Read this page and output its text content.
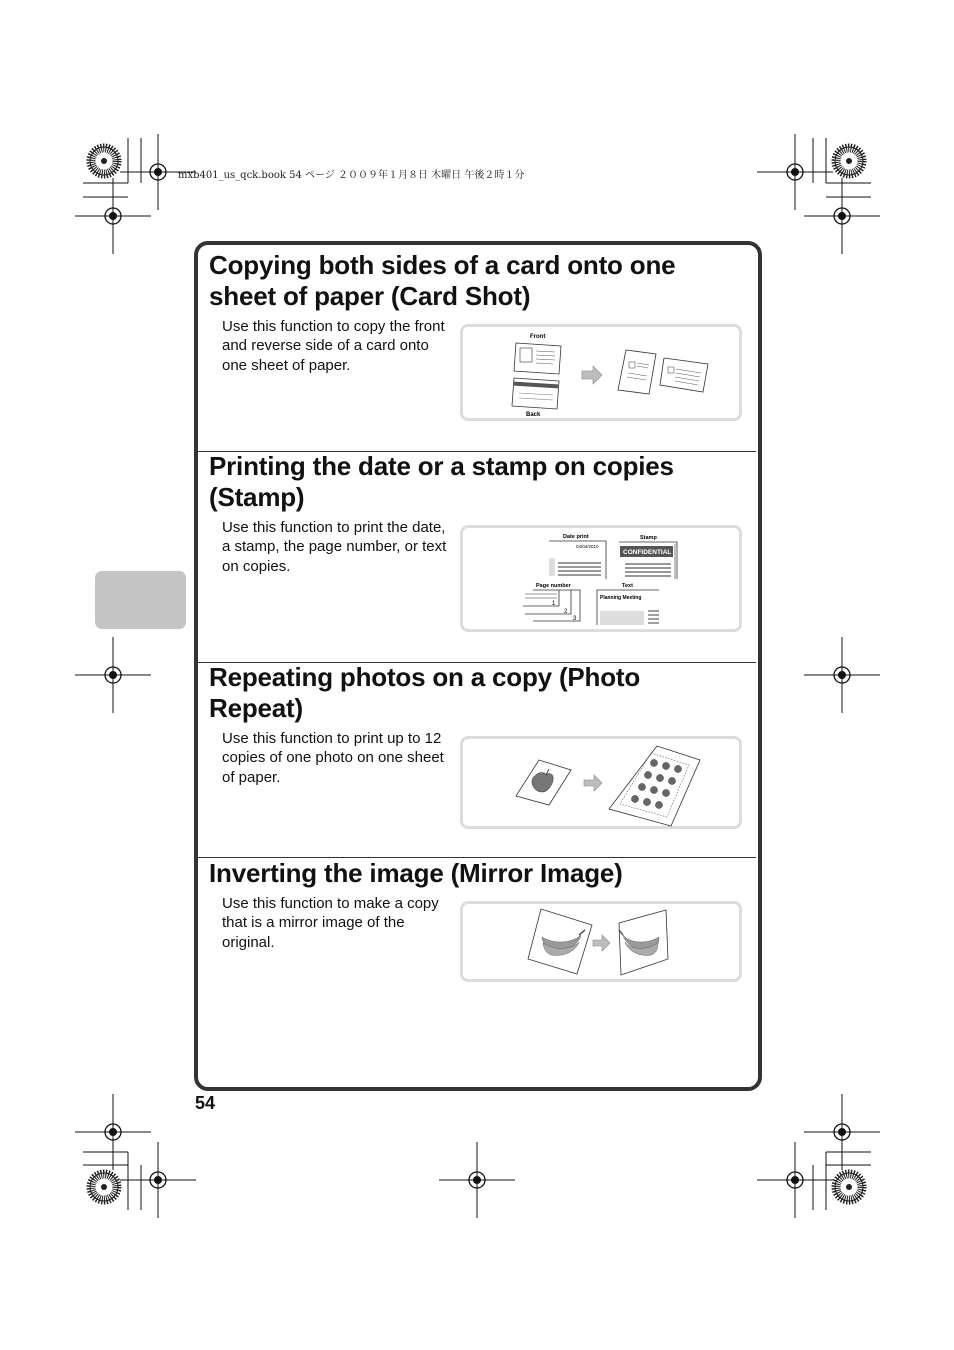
mxb401_us_qck.book 54 ページ ２００９年１月８日 木曜日 午後２時１分
Copying both sides of a card onto one sheet of paper (Card Shot)
Use this function to copy the front and reverse side of a card onto one sheet of paper.
Front
Back
Printing the date or a stamp on copies (Stamp)
Use this function to print the date, a stamp, the page number, or text on copies.
Date print
04/04/2010
Stamp
CONFIDENTIAL
Page number
1
2
3
Text
Planning Meeting
Repeating photos on a copy (Photo Repeat)
Use this function to print up to 12 copies of one photo on one sheet of paper.
Inverting the image (Mirror Image)
Use this function to make a copy that is a mirror image of the original.
54
